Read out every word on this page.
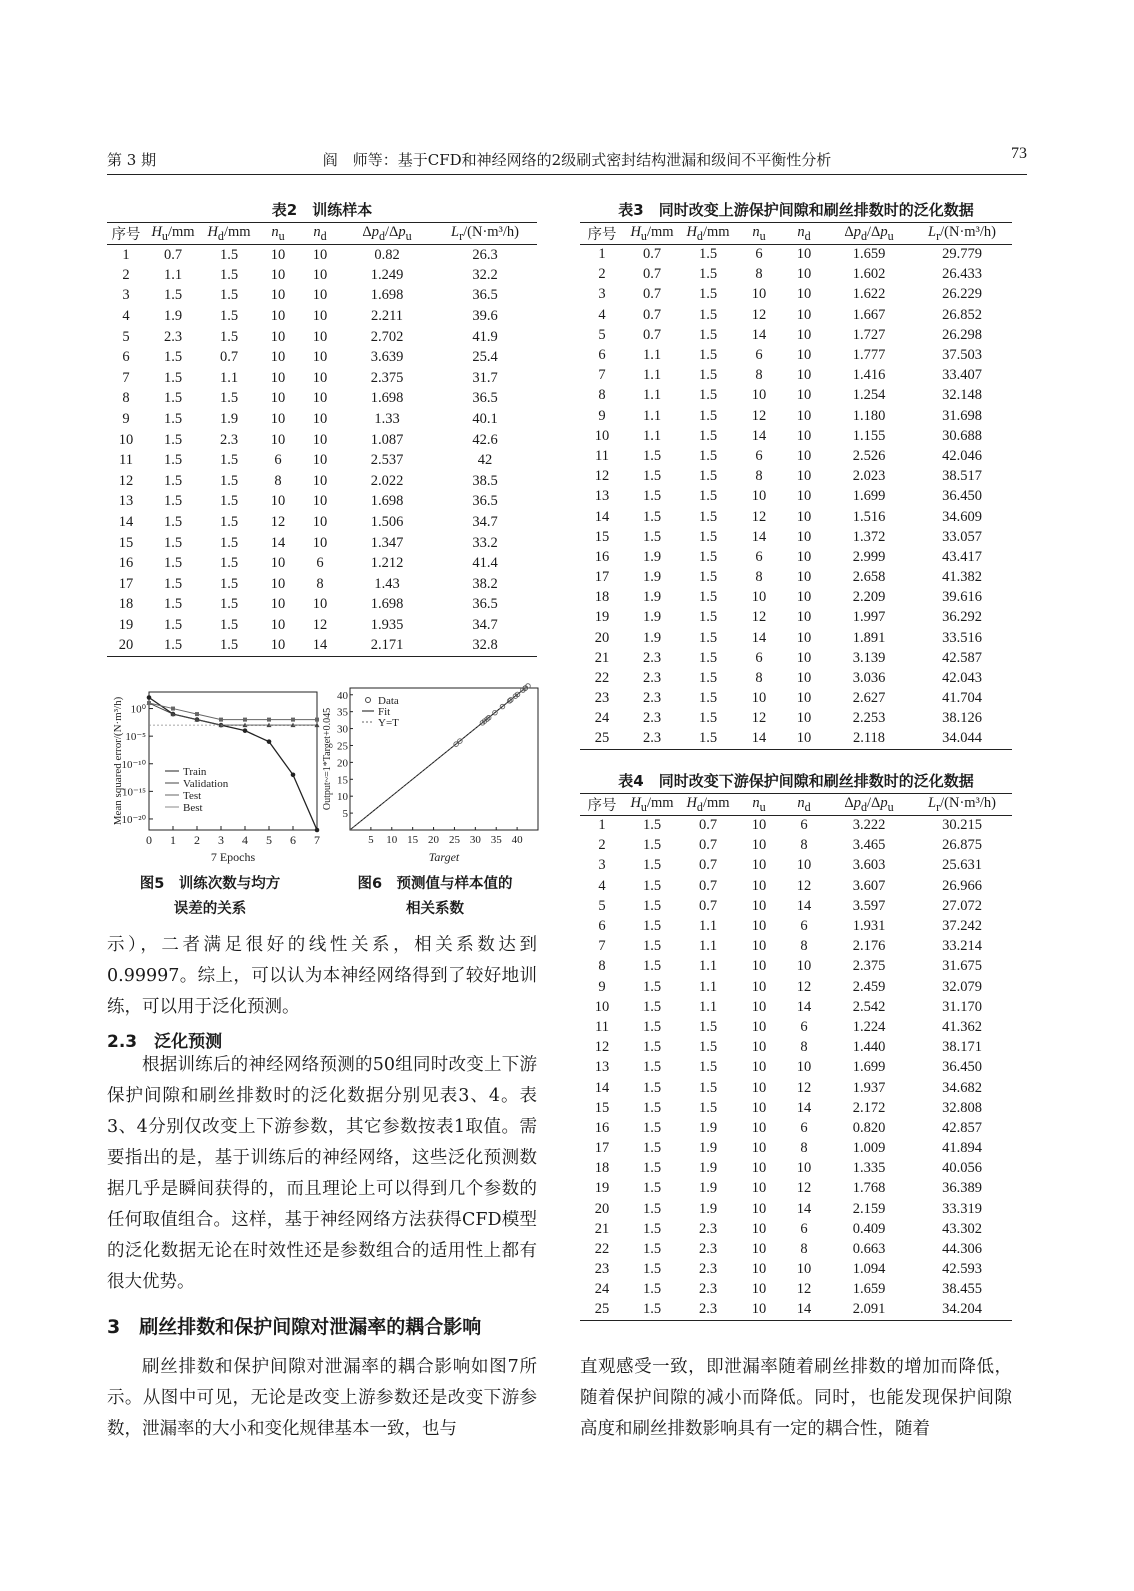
第 3 期	阎　师等：基于CFD和神经网络的2级刷式密封结构泄漏和级间不平衡性分析	73
表2　训练样本
序号	$H_u/mm$	$H_d/mm$	$n_u$	$n_d$	$\Delta p_d/\Delta p_u$	$L_r/(N\cdot m^3/h)$
1	0.7	1.5	10	10	0.82	26.3
2	1.1	1.5	10	10	1.249	32.2
3	1.5	1.5	10	10	1.698	36.5
4	1.9	1.5	10	10	2.211	39.6
5	2.3	1.5	10	10	2.702	41.9
6	1.5	0.7	10	10	3.639	25.4
7	1.5	1.1	10	10	2.375	31.7
8	1.5	1.5	10	10	1.698	36.5
9	1.5	1.9	10	10	1.33	40.1
10	1.5	2.3	10	10	1.087	42.6
11	1.5	1.5	6	10	2.537	42
12	1.5	1.5	8	10	2.022	38.5
13	1.5	1.5	10	10	1.698	36.5
14	1.5	1.5	12	10	1.506	34.7
15	1.5	1.5	14	10	1.347	33.2
16	1.5	1.5	10	6	1.212	41.4
17	1.5	1.5	10	8	1.43	38.2
18	1.5	1.5	10	10	1.698	36.5
19	1.5	1.5	10	12	1.935	34.7
20	1.5	1.5	10	14	2.171	32.8
表3　同时改变上游保护间隙和刷丝排数时的泛化数据
序号	$H_u/mm$	$H_d/mm$	$n_u$	$n_d$	$\Delta p_d/\Delta p_u$	$L_r/(N\cdot m^3/h)$
1	0.7	1.5	6	10	1.659	29.779
2	0.7	1.5	8	10	1.602	26.433
3	0.7	1.5	10	10	1.622	26.229
4	0.7	1.5	12	10	1.667	26.852
5	0.7	1.5	14	10	1.727	26.298
6	1.1	1.5	6	10	1.777	37.503
7	1.1	1.5	8	10	1.416	33.407
8	1.1	1.5	10	10	1.254	32.148
9	1.1	1.5	12	10	1.180	31.698
10	1.1	1.5	14	10	1.155	30.688
11	1.5	1.5	6	10	2.526	42.046
12	1.5	1.5	8	10	2.023	38.517
13	1.5	1.5	10	10	1.699	36.450
14	1.5	1.5	12	10	1.516	34.609
15	1.5	1.5	14	10	1.372	33.057
16	1.9	1.5	6	10	2.999	43.417
17	1.9	1.5	8	10	2.658	41.382
18	1.9	1.5	10	10	2.209	39.616
19	1.9	1.5	12	10	1.997	36.292
20	1.9	1.5	14	10	1.891	33.516
21	2.3	1.5	6	10	3.139	42.587
22	2.3	1.5	8	10	3.036	42.043
23	2.3	1.5	10	10	2.627	41.704
24	2.3	1.5	12	10	2.253	38.126
25	2.3	1.5	14	10	2.118	34.044
表4　同时改变下游保护间隙和刷丝排数时的泛化数据
序号	$H_u/mm$	$H_d/mm$	$n_u$	$n_d$	$\Delta p_d/\Delta p_u$	$L_r/(N\cdot m^3/h)$
1	1.5	0.7	10	6	3.222	30.215
2	1.5	0.7	10	8	3.465	26.875
3	1.5	0.7	10	10	3.603	25.631
4	1.5	0.7	10	12	3.607	26.966
5	1.5	0.7	10	14	3.597	27.072
6	1.5	1.1	10	6	1.931	37.242
7	1.5	1.1	10	8	2.176	33.214
8	1.5	1.1	10	10	2.375	31.675
9	1.5	1.1	10	12	2.459	32.079
10	1.5	1.1	10	14	2.542	31.170
11	1.5	1.5	10	6	1.224	41.362
12	1.5	1.5	10	8	1.440	38.171
13	1.5	1.5	10	10	1.699	36.450
14	1.5	1.5	10	12	1.937	34.682
15	1.5	1.5	10	14	2.172	32.808
16	1.5	1.9	10	6	0.820	42.857
17	1.5	1.9	10	8	1.009	41.894
18	1.5	1.9	10	10	1.335	40.056
19	1.5	1.9	10	12	1.768	36.389
20	1.5	1.9	10	14	2.159	33.319
21	1.5	2.3	10	6	0.409	43.302
22	1.5	2.3	10	8	0.663	44.306
23	1.5	2.3	10	10	1.094	42.593
24	1.5	2.3	10	12	1.659	38.455
25	1.5	2.3	10	14	2.091	34.204
10⁰
10⁻⁵
10⁻¹⁰
10⁻¹⁵
10⁻²⁰
0 1 2 3 4 5 6 7
7 Epochs
Mean squared error/(N·m³/h)	Train
Validation
Test
Best
5
10
15
20
25
30
35
40
5 10 15 20 25 30 35 40
Target
Output~=1*Target+0.045
Data
Fit
Y=T
图5　训练次数与均方
误差的关系
图6　预测值与样本值的
相关系数
示），二者满足很好的线性关系，相关系数达到0.99997。综上，可以认为本神经网络得到了较好地训练，可以用于泛化预测。
2.3　泛化预测

根据训练后的神经网络预测的50组同时改变上下游保护间隙和刷丝排数时的泛化数据分别见表3、4。表3、4分别仅改变上下游参数，其它参数按表1取值。需要指出的是，基于训练后的神经网络，这些泛化预测数据几乎是瞬间获得的，而且理论上可以得到几个参数的任何取值组合。这样，基于神经网络方法获得CFD模型的泛化数据无论在时效性还是参数组合的适用性上都有很大优势。

3　刷丝排数和保护间隙对泄漏率的耦合影响

刷丝排数和保护间隙对泄漏率的耦合影响如图7所示。从图中可见，无论是改变上游参数还是改变下游参数，泄漏率的大小和变化规律基本一致，也与

直观感受一致，即泄漏率随着刷丝排数的增加而降低，随着保护间隙的减小而降低。同时，也能发现保护间隙高度和刷丝排数影响具有一定的耦合性，随着
